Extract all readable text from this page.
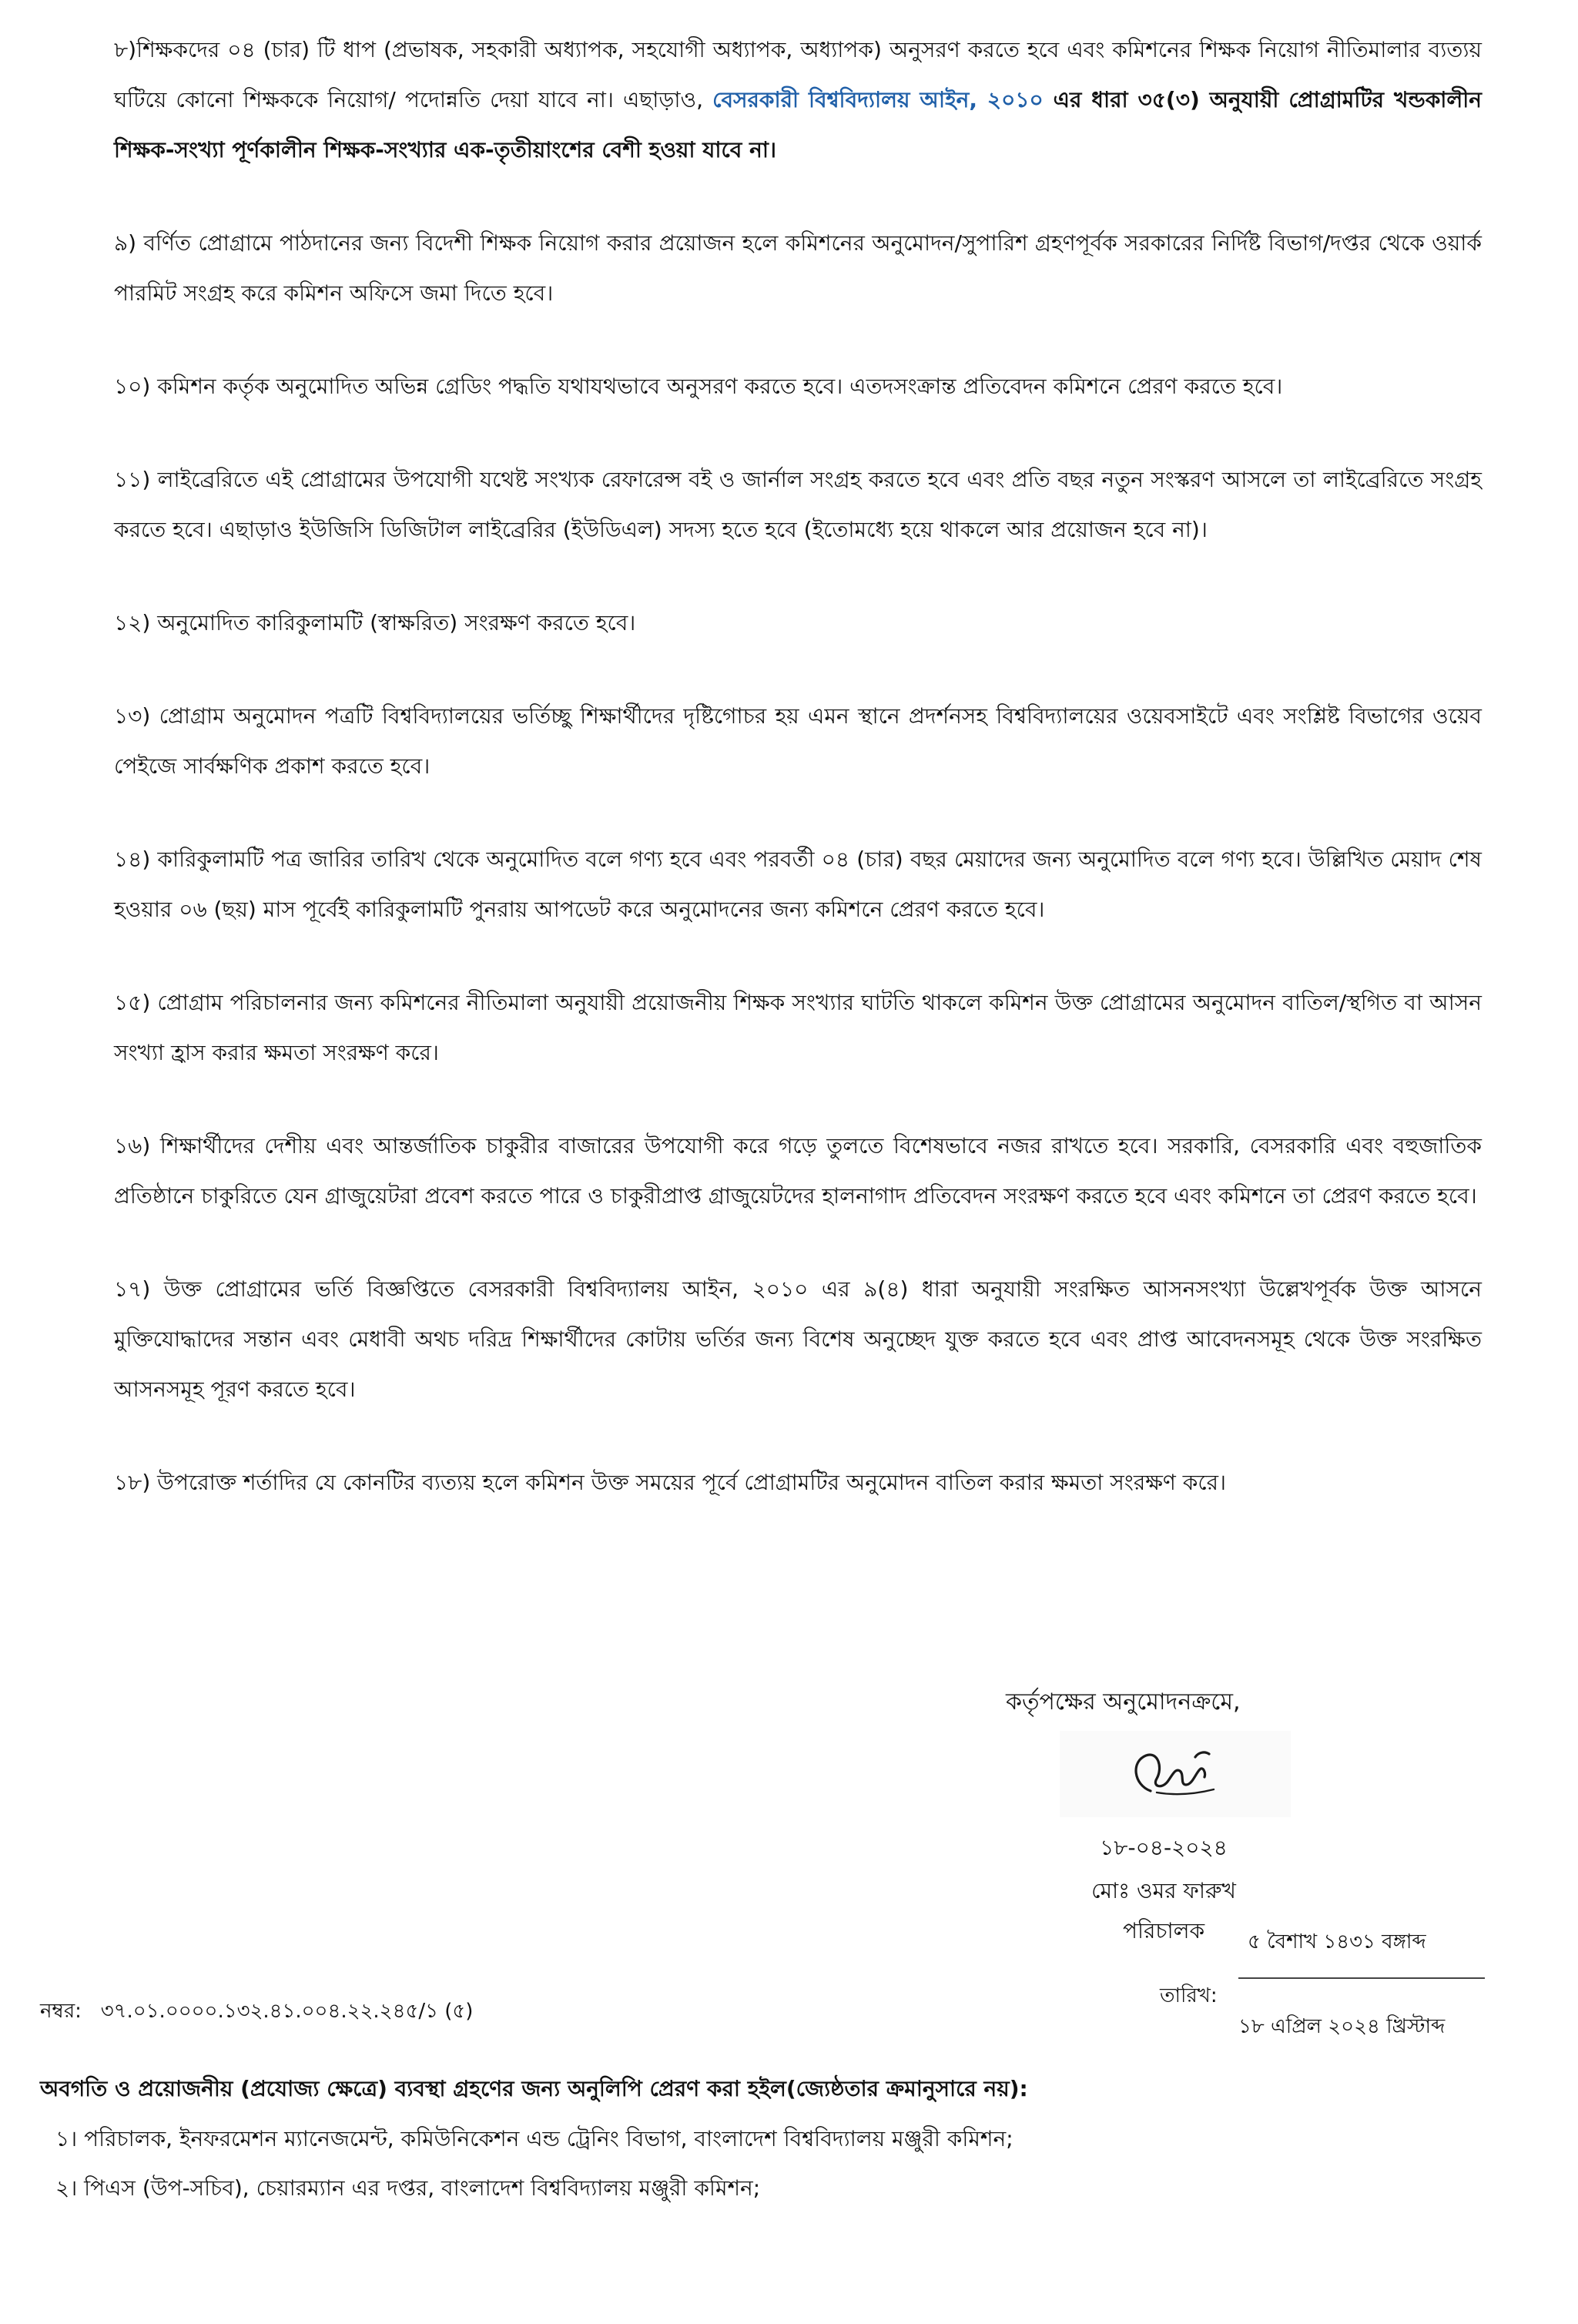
৮)শিক্ষকদের ০৪ (চার) টি ধাপ (প্রভাষক, সহকারী অধ্যাপক, সহযোগী অধ্যাপক, অধ্যাপক) অনুসরণ করতে হবে এবং কমিশনের শিক্ষক নিয়োগ নীতিমালার ব্যত্যয় ঘটিয়ে কোনো শিক্ষককে নিয়োগ/ পদোন্নতি দেয়া যাবে না। এছাড়াও, বেসরকারী বিশ্ববিদ্যালয় আইন, ২০১০ এর ধারা ৩৫(৩) অনুযায়ী প্রোগ্রামটির খন্ডকালীন শিক্ষক-সংখ্যা পূর্ণকালীন শিক্ষক-সংখ্যার এক-তৃতীয়াংশের বেশী হওয়া যাবে না।

৯) বর্ণিত প্রোগ্রামে পাঠদানের জন্য বিদেশী শিক্ষক নিয়োগ করার প্রয়োজন হলে কমিশনের অনুমোদন/সুপারিশ গ্রহণপূর্বক সরকারের নির্দিষ্ট বিভাগ/দপ্তর থেকে ওয়ার্ক পারমিট সংগ্রহ করে কমিশন অফিসে জমা দিতে হবে।

১০) কমিশন কর্তৃক অনুমোদিত অভিন্ন গ্রেডিং পদ্ধতি যথাযথভাবে অনুসরণ করতে হবে। এতদসংক্রান্ত প্রতিবেদন কমিশনে প্রেরণ করতে হবে।

১১) লাইব্রেরিতে এই প্রোগ্রামের উপযোগী যথেষ্ট সংখ্যক রেফারেন্স বই ও জার্নাল সংগ্রহ করতে হবে এবং প্রতি বছর নতুন সংস্করণ আসলে তা লাইব্রেরিতে সংগ্রহ করতে হবে। এছাড়াও ইউজিসি ডিজিটাল লাইব্রেরির (ইউডিএল) সদস্য হতে হবে (ইতোমধ্যে হয়ে থাকলে আর প্রয়োজন হবে না)।

১২) অনুমোদিত কারিকুলামটি (স্বাক্ষরিত) সংরক্ষণ করতে হবে।

১৩) প্রোগ্রাম অনুমোদন পত্রটি বিশ্ববিদ্যালয়ের ভর্তিচ্ছু শিক্ষার্থীদের দৃষ্টিগোচর হয় এমন স্থানে প্রদর্শনসহ বিশ্ববিদ্যালয়ের ওয়েবসাইটে এবং সংশ্লিষ্ট বিভাগের ওয়েব পেইজে সার্বক্ষণিক প্রকাশ করতে হবে।

১৪) কারিকুলামটি পত্র জারির তারিখ থেকে অনুমোদিত বলে গণ্য হবে এবং পরবর্তী ০৪ (চার) বছর মেয়াদের জন্য অনুমোদিত বলে গণ্য হবে। উল্লিখিত মেয়াদ শেষ হওয়ার ০৬ (ছয়) মাস পূর্বেই কারিকুলামটি পুনরায় আপডেট করে অনুমোদনের জন্য কমিশনে প্রেরণ করতে হবে।

১৫) প্রোগ্রাম পরিচালনার জন্য কমিশনের নীতিমালা অনুযায়ী প্রয়োজনীয় শিক্ষক সংখ্যার ঘাটতি থাকলে কমিশন উক্ত প্রোগ্রামের অনুমোদন বাতিল/স্থগিত বা আসন সংখ্যা হ্রাস করার ক্ষমতা সংরক্ষণ করে।

১৬) শিক্ষার্থীদের দেশীয় এবং আন্তর্জাতিক চাকুরীর বাজারের উপযোগী করে গড়ে তুলতে বিশেষভাবে নজর রাখতে হবে। সরকারি, বেসরকারি এবং বহুজাতিক প্রতিষ্ঠানে চাকুরিতে যেন গ্রাজুয়েটরা প্রবেশ করতে পারে ও চাকুরীপ্রাপ্ত গ্রাজুয়েটদের হালনাগাদ প্রতিবেদন সংরক্ষণ করতে হবে এবং কমিশনে তা প্রেরণ করতে হবে।

১৭) উক্ত প্রোগ্রামের ভর্তি বিজ্ঞপ্তিতে বেসরকারী বিশ্ববিদ্যালয় আইন, ২০১০ এর ৯(৪) ধারা অনুযায়ী সংরক্ষিত আসনসংখ্যা উল্লেখপূর্বক উক্ত আসনে মুক্তিযোদ্ধাদের সন্তান এবং মেধাবী অথচ দরিদ্র শিক্ষার্থীদের কোটায় ভর্তির জন্য বিশেষ অনুচ্ছেদ যুক্ত করতে হবে এবং প্রাপ্ত আবেদনসমূহ থেকে উক্ত সংরক্ষিত আসনসমূহ পূরণ করতে হবে।

১৮) উপরোক্ত শর্তাদির যে কোনটির ব্যত্যয় হলে কমিশন উক্ত সময়ের পূর্বে প্রোগ্রামটির অনুমোদন বাতিল করার ক্ষমতা সংরক্ষণ করে।

কর্তৃপক্ষের অনুমোদনক্রমে,
১৮-০৪-২০২৪
মোঃ ওমর ফারুখ
পরিচালক
নম্বর: ৩৭.০১.০০০০.১৩২.৪১.০০৪.২২.২৪৫/১ (৫)
তারিখ:
৫ বৈশাখ ১৪৩১ বঙ্গাব্দ
১৮ এপ্রিল ২০২৪ খ্রিস্টাব্দ
অবগতি ও প্রয়োজনীয় (প্রযোজ্য ক্ষেত্রে) ব্যবস্থা গ্রহণের জন্য অনুলিপি প্রেরণ করা হইল(জ্যেষ্ঠতার ক্রমানুসারে নয়):
১। পরিচালক, ইনফরমেশন ম্যানেজমেন্ট, কমিউনিকেশন এন্ড ট্রেনিং বিভাগ, বাংলাদেশ বিশ্ববিদ্যালয় মঞ্জুরী কমিশন;
২। পিএস (উপ-সচিব), চেয়ারম্যান এর দপ্তর, বাংলাদেশ বিশ্ববিদ্যালয় মঞ্জুরী কমিশন;
